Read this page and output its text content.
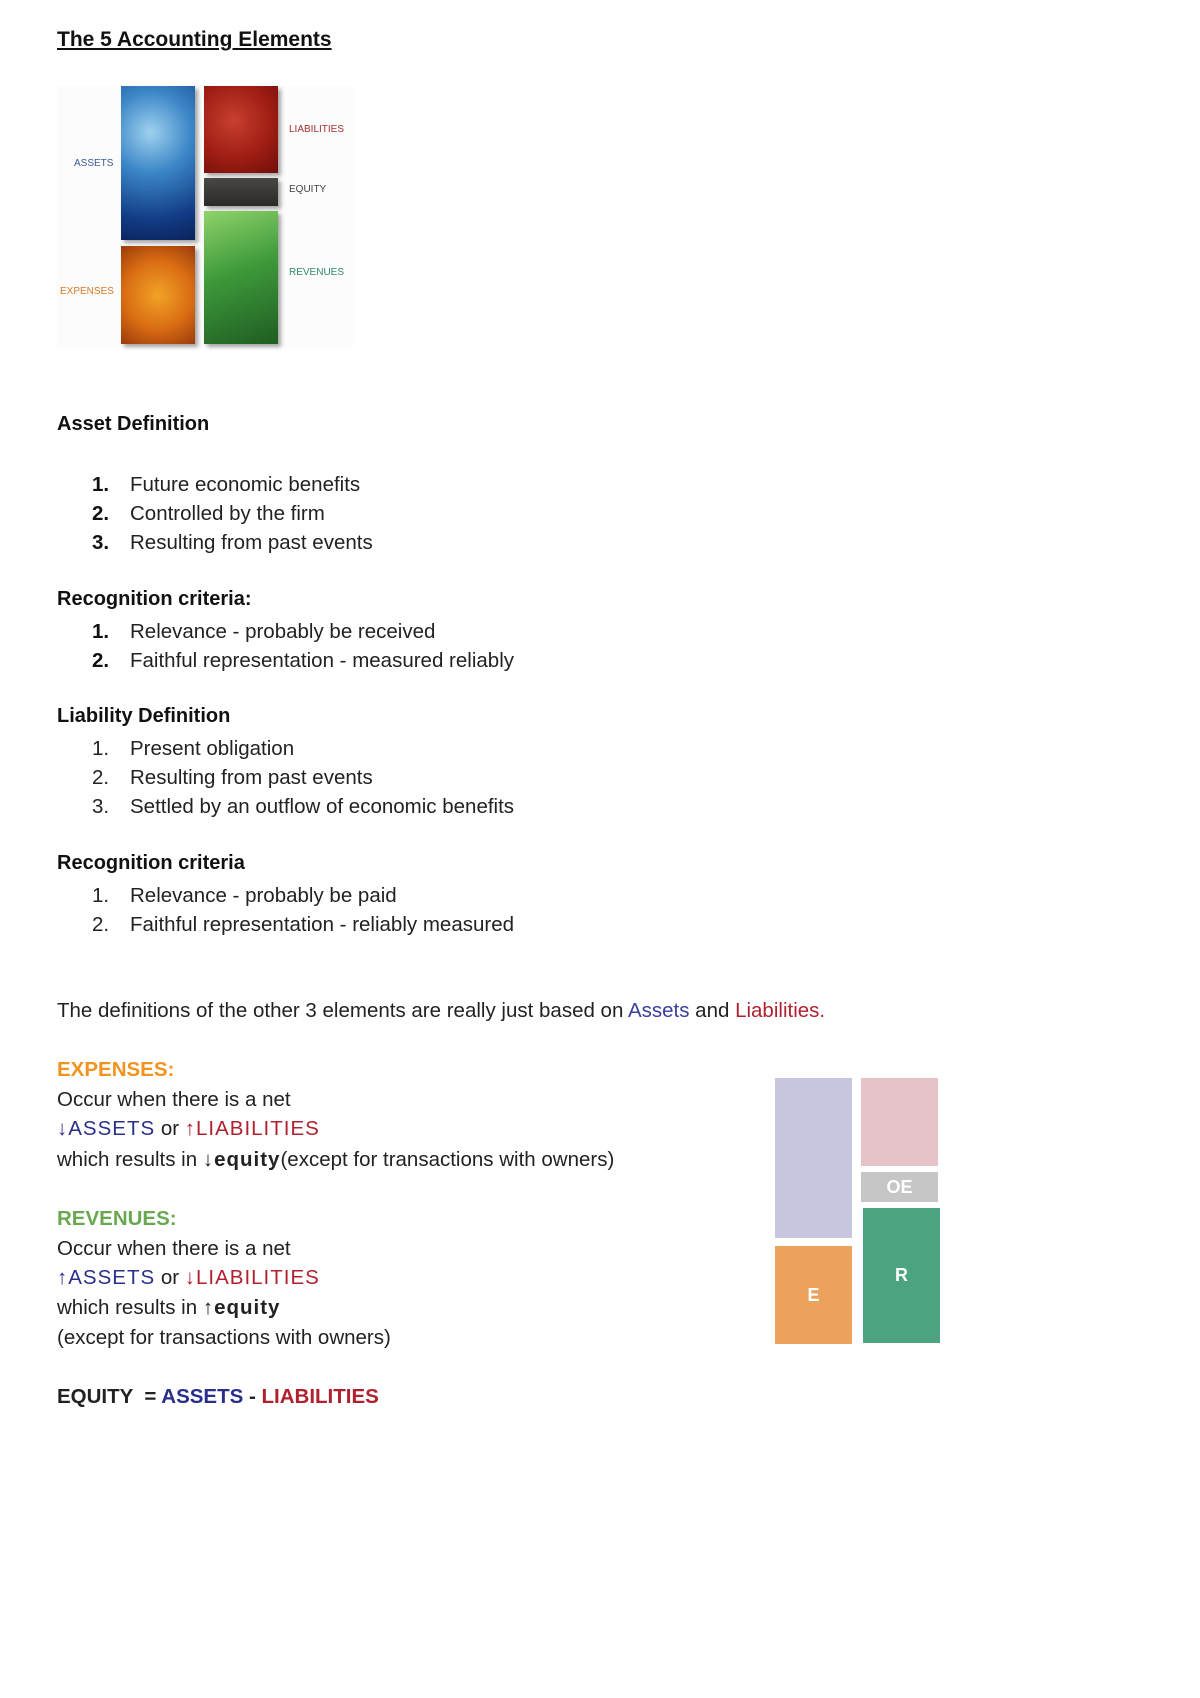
The 5 Accounting Elements
ASSETS
LIABILITIES
EQUITY
EXPENSES
REVENUES
Asset Definition
1.	Future economic benefits
2.	Controlled by the firm
3.	Resulting from past events
Recognition criteria:
1.	Relevance - probably be received
2.	Faithful representation - measured reliably
Liability Definition
1.	Present obligation
2.	Resulting from past events
3.	Settled by an outflow of economic benefits
Recognition criteria
1.	Relevance - probably be paid
2.	Faithful representation - reliably measured
The definitions of the other 3 elements are really just based on Assets and Liabilities.
EXPENSES:
Occur when there is a net
↓ASSETS or ↑LIABILITIES
which results in ↓equity(except for transactions with owners)
REVENUES:
Occur when there is a net
↑ASSETS or ↓LIABILITIES
which results in ↑equity
(except for transactions with owners)
EQUITY  = ASSETS - LIABILITIES
OE
E
R
